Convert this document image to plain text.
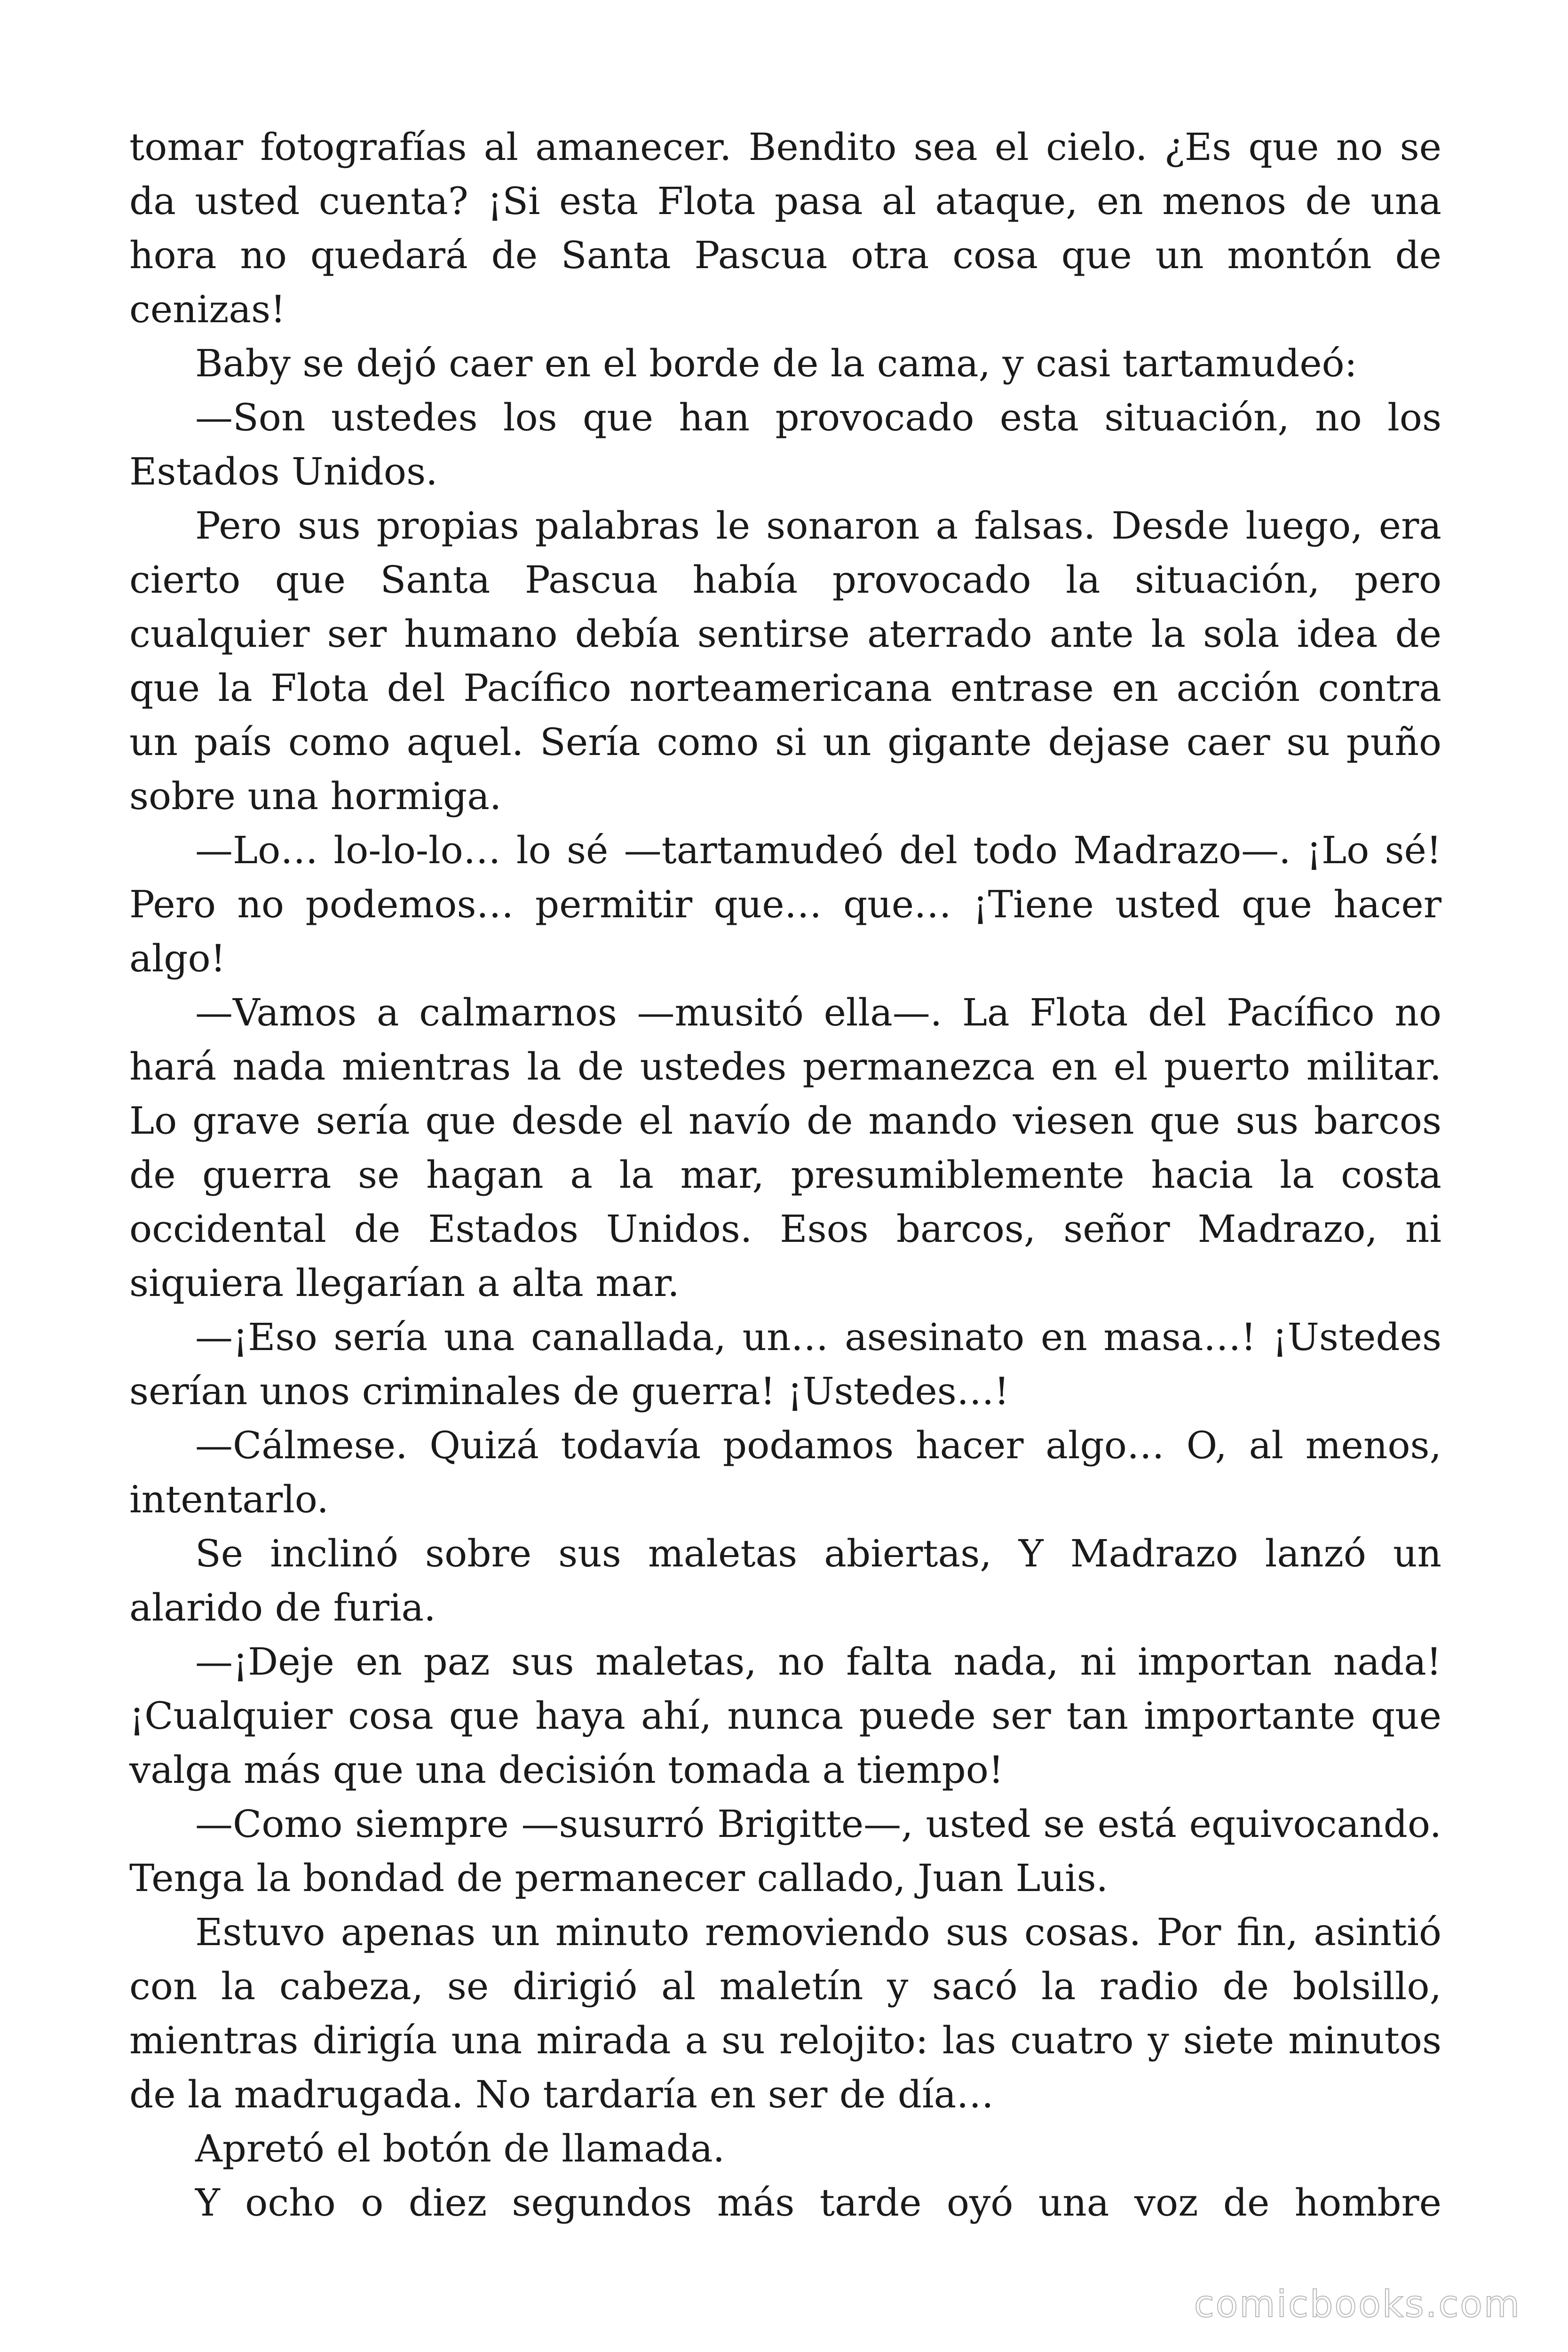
tomar fotografías al amanecer. Bendito sea el cielo. ¿Es que no se da usted cuenta? ¡Si esta Flota pasa al ataque, en menos de una hora no quedará de Santa Pascua otra cosa que un montón de cenizas!

Baby se dejó caer en el borde de la cama, y casi tartamudeó:

—Son ustedes los que han provocado esta situación, no los Estados Unidos.

Pero sus propias palabras le sonaron a falsas. Desde luego, era cierto que Santa Pascua había provocado la situación, pero cualquier ser humano debía sentirse aterrado ante la sola idea de que la Flota del Pacífico norteamericana entrase en acción contra un país como aquel. Sería como si un gigante dejase caer su puño sobre una hormiga.

—Lo… lo-lo-lo… lo sé —tartamudeó del todo Madrazo—. ¡Lo sé! Pero no podemos… permitir que… que… ¡Tiene usted que hacer algo!

—Vamos a calmarnos —musitó ella—. La Flota del Pacífico no hará nada mientras la de ustedes permanezca en el puerto militar. Lo grave sería que desde el navío de mando viesen que sus barcos de guerra se hagan a la mar, presumiblemente hacia la costa occidental de Estados Unidos. Esos barcos, señor Madrazo, ni siquiera llegarían a alta mar.

—¡Eso sería una canallada, un… asesinato en masa…! ¡Ustedes serían unos criminales de guerra! ¡Ustedes…!

—Cálmese. Quizá todavía podamos hacer algo… O, al menos, intentarlo.

Se inclinó sobre sus maletas abiertas, Y Madrazo lanzó un alarido de furia.

—¡Deje en paz sus maletas, no falta nada, ni importan nada! ¡Cualquier cosa que haya ahí, nunca puede ser tan importante que valga más que una decisión tomada a tiempo!

—Como siempre —susurró Brigitte—, usted se está equivocando. Tenga la bondad de permanecer callado, Juan Luis.

Estuvo apenas un minuto removiendo sus cosas. Por fin, asintió con la cabeza, se dirigió al maletín y sacó la radio de bolsillo, mientras dirigía una mirada a su relojito: las cuatro y siete minutos de la madrugada. No tardaría en ser de día…

Apretó el botón de llamada.

Y ocho o diez segundos más tarde oyó una voz de hombre

comicbooks.com
